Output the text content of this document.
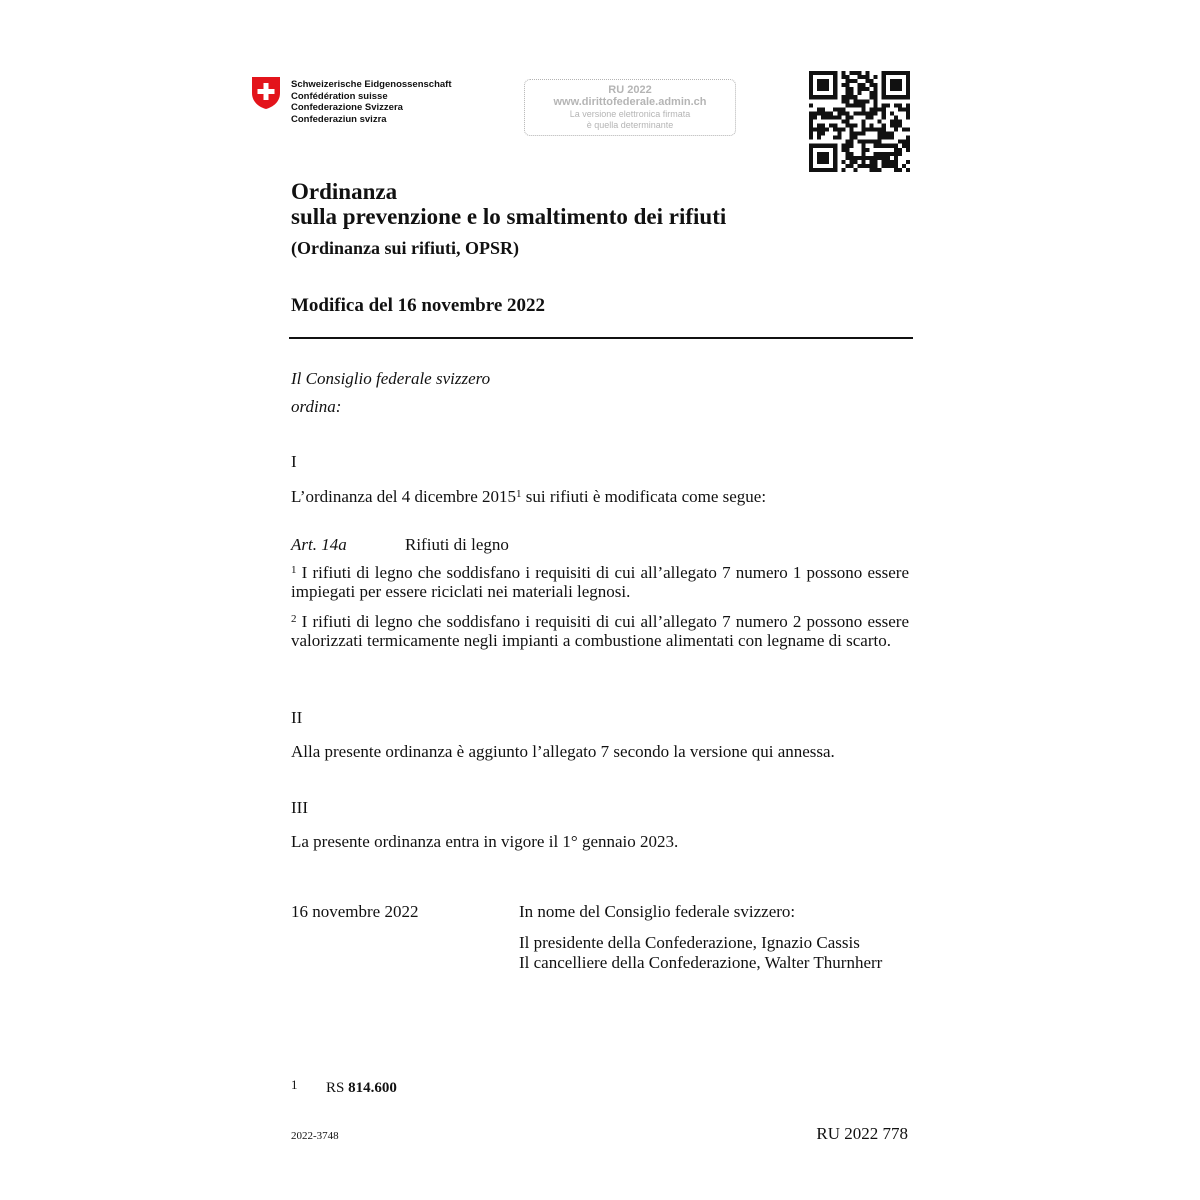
Schweizerische Eidgenossenschaft
Confédération suisse
Confederazione Svizzera
Confederaziun svizra
RU 2022
www.dirittofederale.admin.ch
La versione elettronica firmata
è quella determinante
Ordinanza
sulla prevenzione e lo smaltimento dei rifiuti
(Ordinanza sui rifiuti, OPSR)
Modifica del 16 novembre 2022
Il Consiglio federale svizzero
ordina:
I
L’ordinanza del 4 dicembre 2015$^1$ sui rifiuti è modificata come segue:
Art. 14a	Rifiuti di legno
$^1$ I rifiuti di legno che soddisfano i requisiti di cui all’allegato 7 numero 1 possono essere impiegati per essere riciclati nei materiali legnosi.
$^2$ I rifiuti di legno che soddisfano i requisiti di cui all’allegato 7 numero 2 possono essere valorizzati termicamente negli impianti a combustione alimentati con legname di scarto.
II
Alla presente ordinanza è aggiunto l’allegato 7 secondo la versione qui annessa.
III
La presente ordinanza entra in vigore il 1° gennaio 2023.
16 novembre 2022	In nome del Consiglio federale svizzero:
Il presidente della Confederazione, Ignazio Cassis
Il cancelliere della Confederazione, Walter Thurnherr
1 RS 814.600
2022-3748	RU 2022 778
